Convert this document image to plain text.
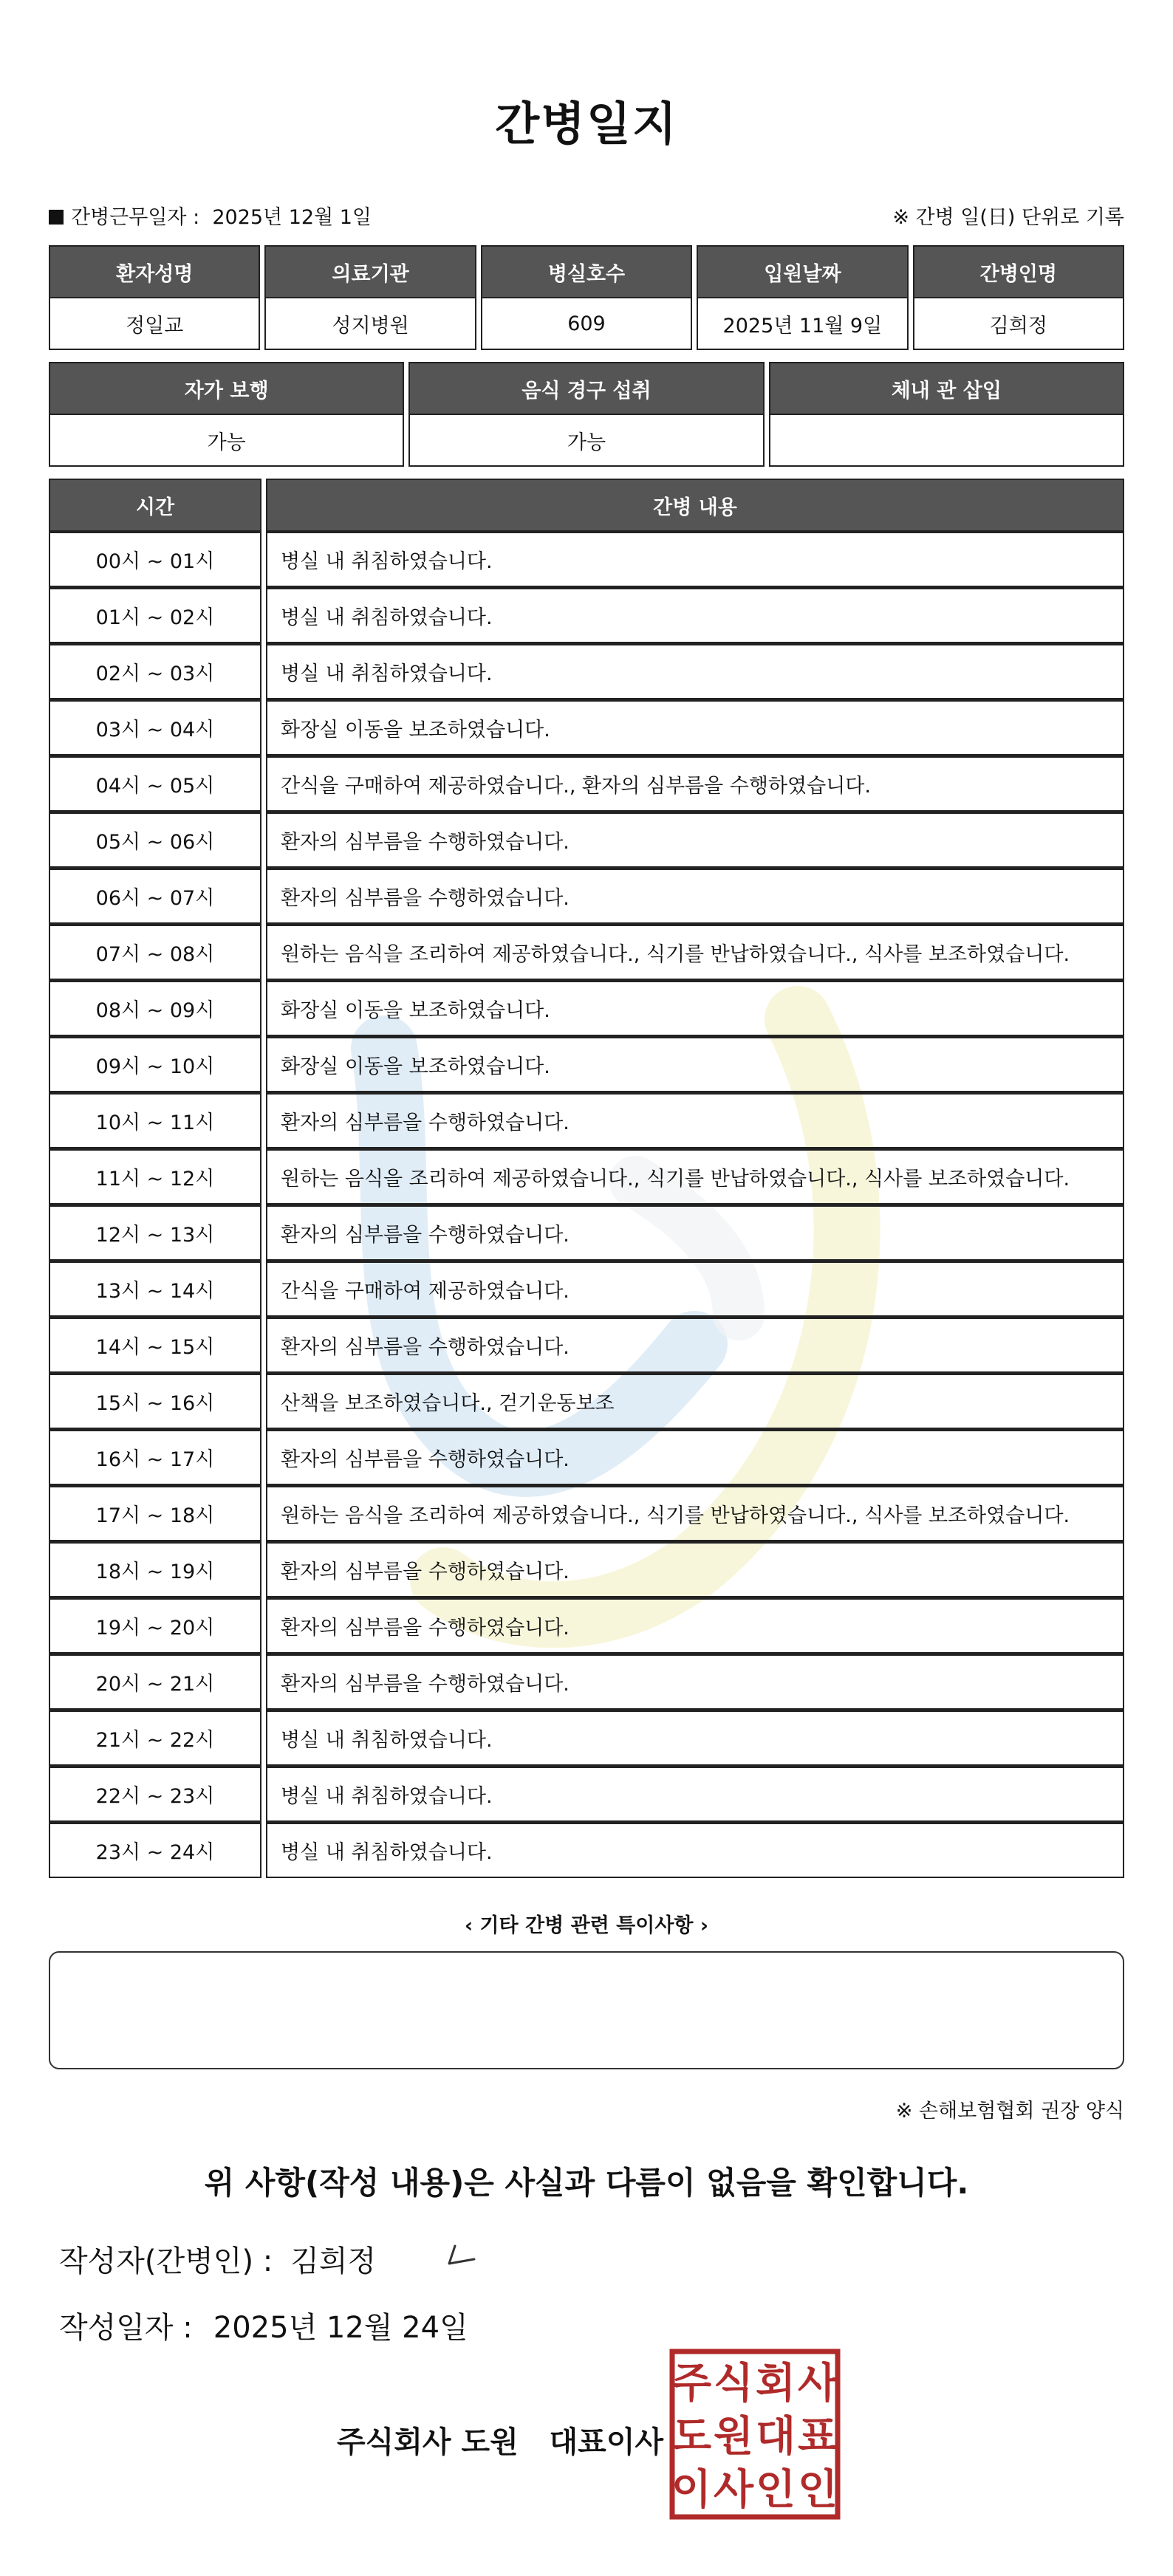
간병일지
간병근무일자 : 2025년 12월 1일	※ 간병 일(日) 단위로 기록
환자성명	의료기관	병실호수	입원날짜	간병인명
정일교	성지병원	609	2025년 11월 9일	김희정
자가 보행	음식 경구 섭취	체내 관 삽입
가능	가능	
시간	간병 내용
00시 ~ 01시	병실 내 취침하였습니다.
01시 ~ 02시	병실 내 취침하였습니다.
02시 ~ 03시	병실 내 취침하였습니다.
03시 ~ 04시	화장실 이동을 보조하였습니다.
04시 ~ 05시	간식을 구매하여 제공하였습니다., 환자의 심부름을 수행하였습니다.
05시 ~ 06시	환자의 심부름을 수행하였습니다.
06시 ~ 07시	환자의 심부름을 수행하였습니다.
07시 ~ 08시	원하는 음식을 조리하여 제공하였습니다., 식기를 반납하였습니다., 식사를 보조하였습니다.
08시 ~ 09시	화장실 이동을 보조하였습니다.
09시 ~ 10시	화장실 이동을 보조하였습니다.
10시 ~ 11시	환자의 심부름을 수행하였습니다.
11시 ~ 12시	원하는 음식을 조리하여 제공하였습니다., 식기를 반납하였습니다., 식사를 보조하였습니다.
12시 ~ 13시	환자의 심부름을 수행하였습니다.
13시 ~ 14시	간식을 구매하여 제공하였습니다.
14시 ~ 15시	환자의 심부름을 수행하였습니다.
15시 ~ 16시	산책을 보조하였습니다., 걷기운동보조
16시 ~ 17시	환자의 심부름을 수행하였습니다.
17시 ~ 18시	원하는 음식을 조리하여 제공하였습니다., 식기를 반납하였습니다., 식사를 보조하였습니다.
18시 ~ 19시	환자의 심부름을 수행하였습니다.
19시 ~ 20시	환자의 심부름을 수행하였습니다.
20시 ~ 21시	환자의 심부름을 수행하였습니다.
21시 ~ 22시	병실 내 취침하였습니다.
22시 ~ 23시	병실 내 취침하였습니다.
23시 ~ 24시	병실 내 취침하였습니다.
‹ 기타 간병 관련 특이사항 ›
※ 손해보험협회 권장 양식
위 사항(작성 내용)은 사실과 다름이 없음을 확인합니다.
작성자(간병인) : 김희정
작성일자 : 2025년 12월 24일
주식회사 도원   대표이사
주 식 회 사
도 원 대 표
이 사 인 인
